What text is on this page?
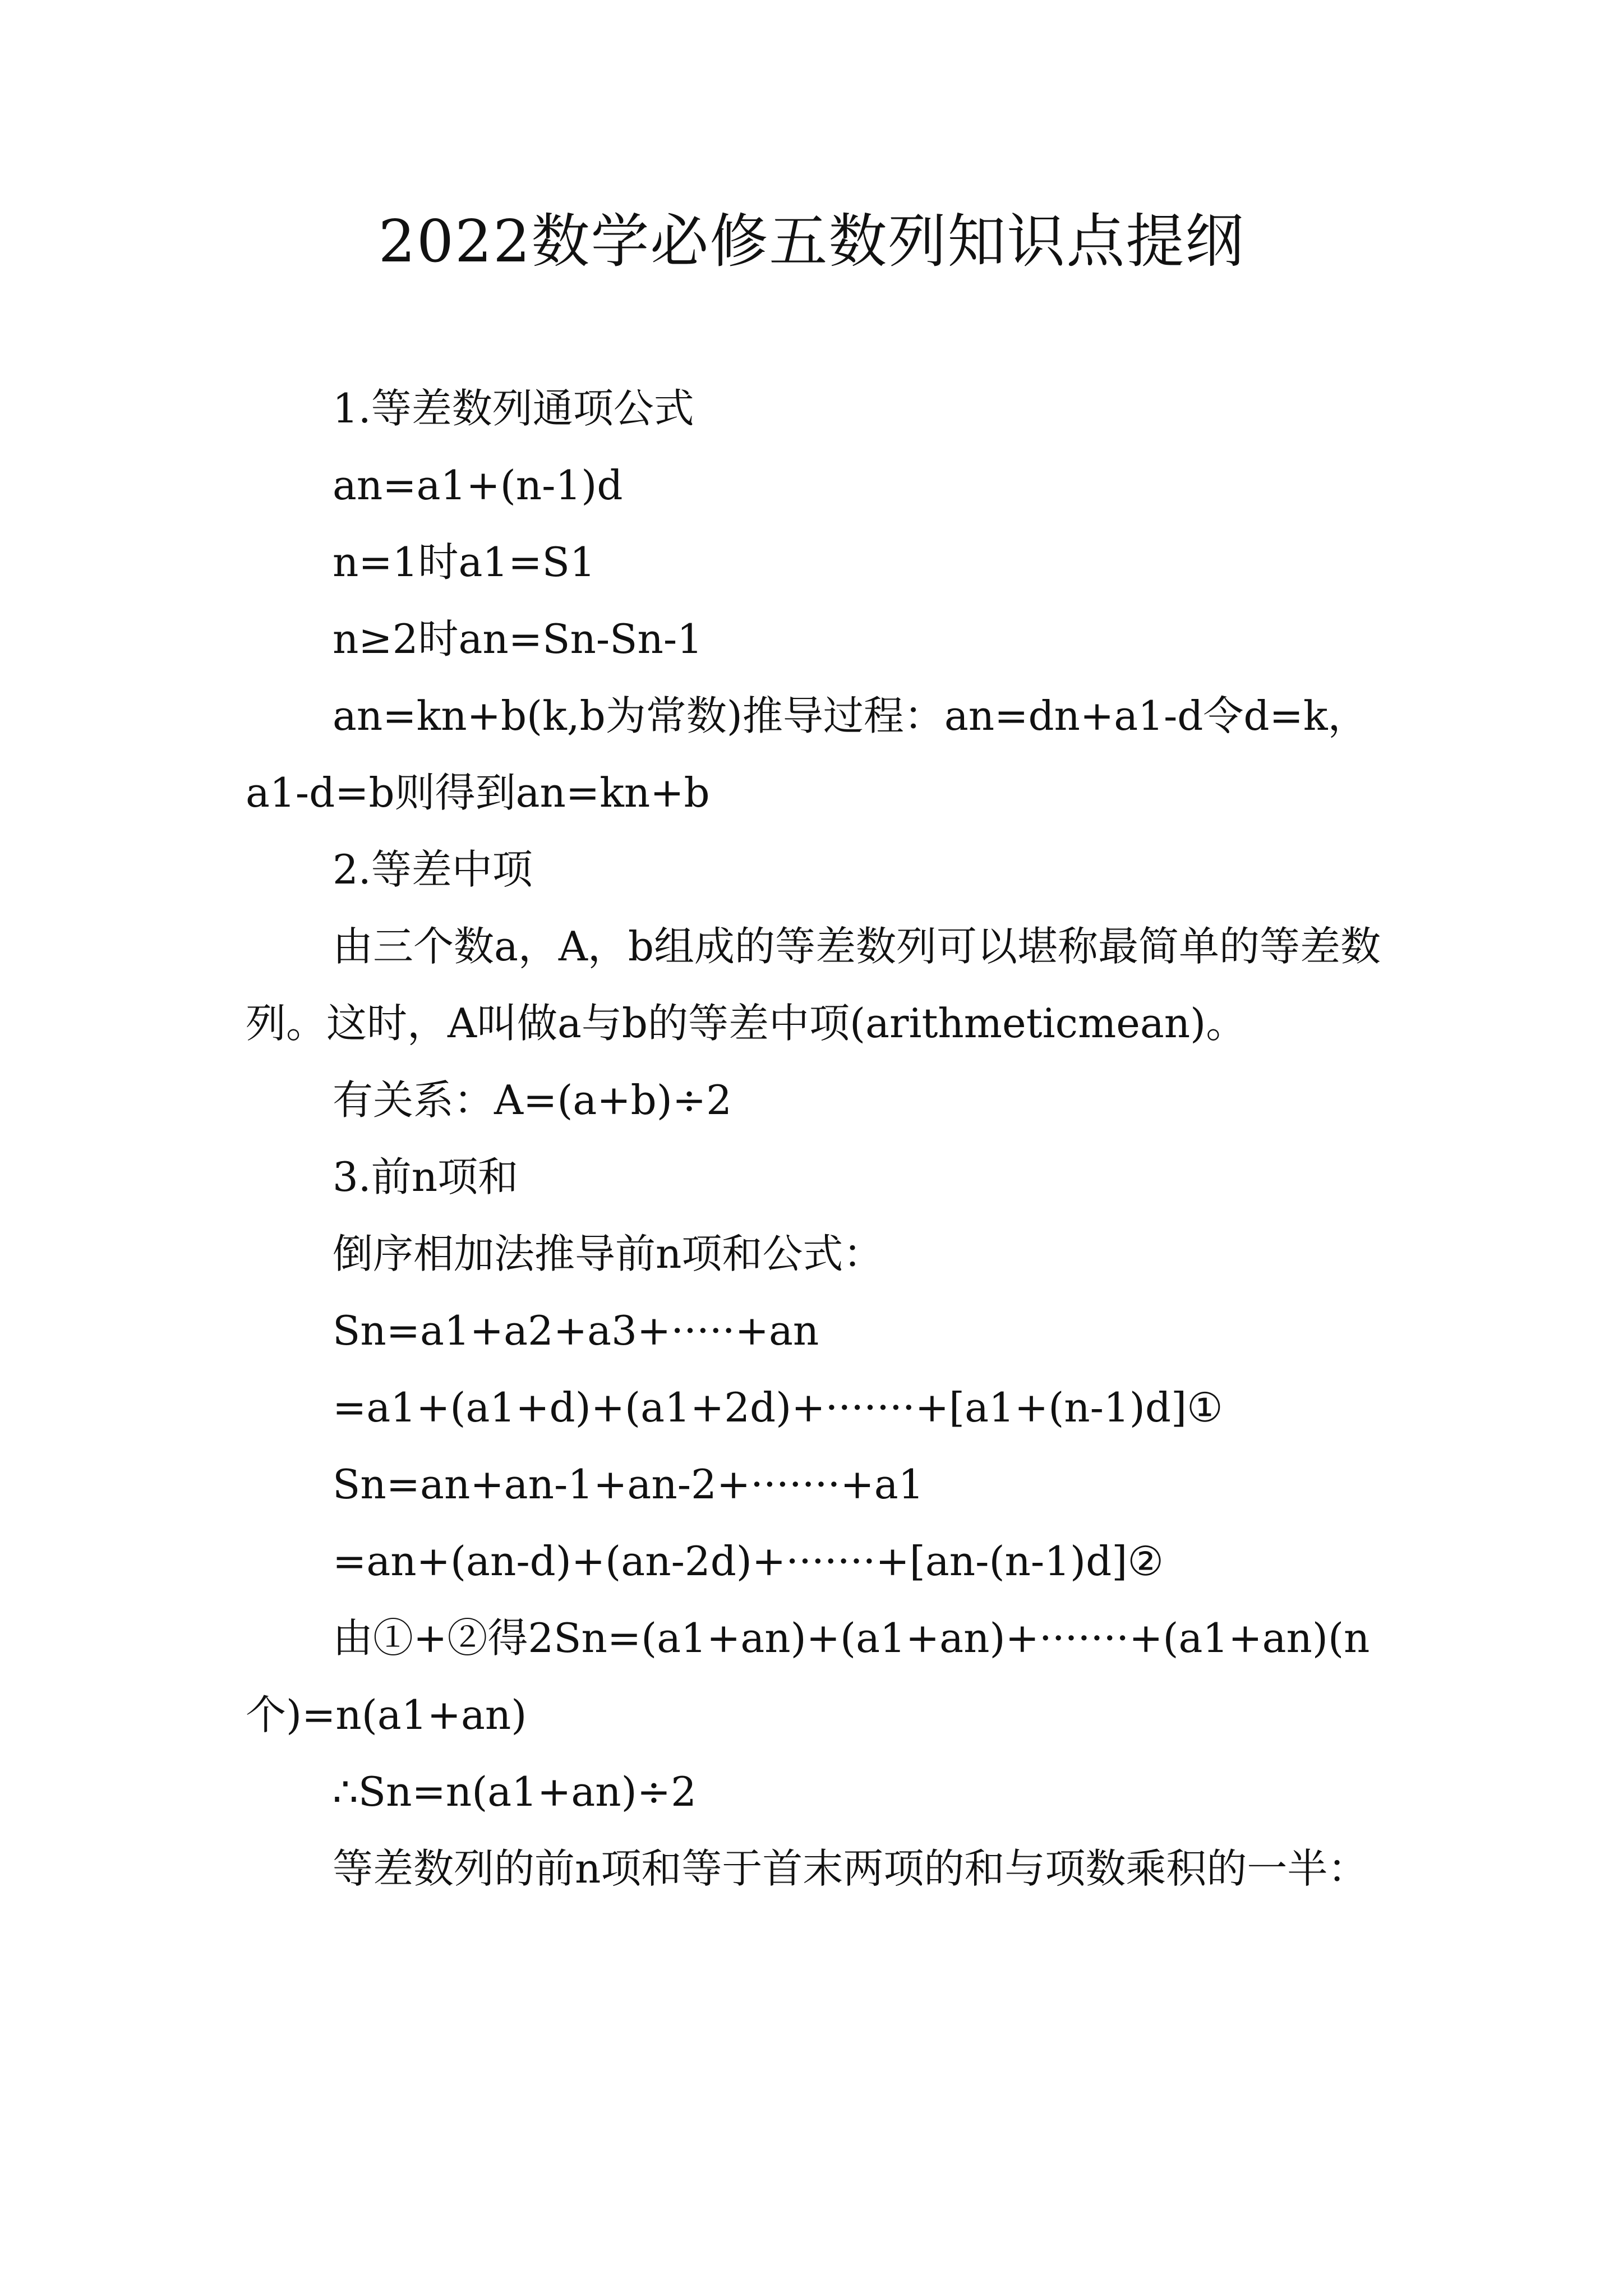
2022数学必修五数列知识点提纲

1.等差数列通项公式

an=a1+(n-1)d

n=1时a1=S1

n≥2时an=Sn-Sn-1

an=kn+b(k,b为常数)推导过程：an=dn+a1-d令d=k，a1-d=b则得到an=kn+b

2.等差中项

由三个数a，A，b组成的等差数列可以堪称最简单的等差数列。这时，A叫做a与b的等差中项(arithmeticmean)。

有关系：A=(a+b)÷2

3.前n项和

倒序相加法推导前n项和公式：

Sn=a1+a2+a3+·····+an

=a1+(a1+d)+(a1+2d)+·······+[a1+(n-1)d]①

Sn=an+an-1+an-2+·······+a1

=an+(an-d)+(an-2d)+·······+[an-(n-1)d]②

由①+②得2Sn=(a1+an)+(a1+an)+·······+(a1+an)(n个)=n(a1+an)

∴Sn=n(a1+an)÷2

等差数列的前n项和等于首末两项的和与项数乘积的一半：
